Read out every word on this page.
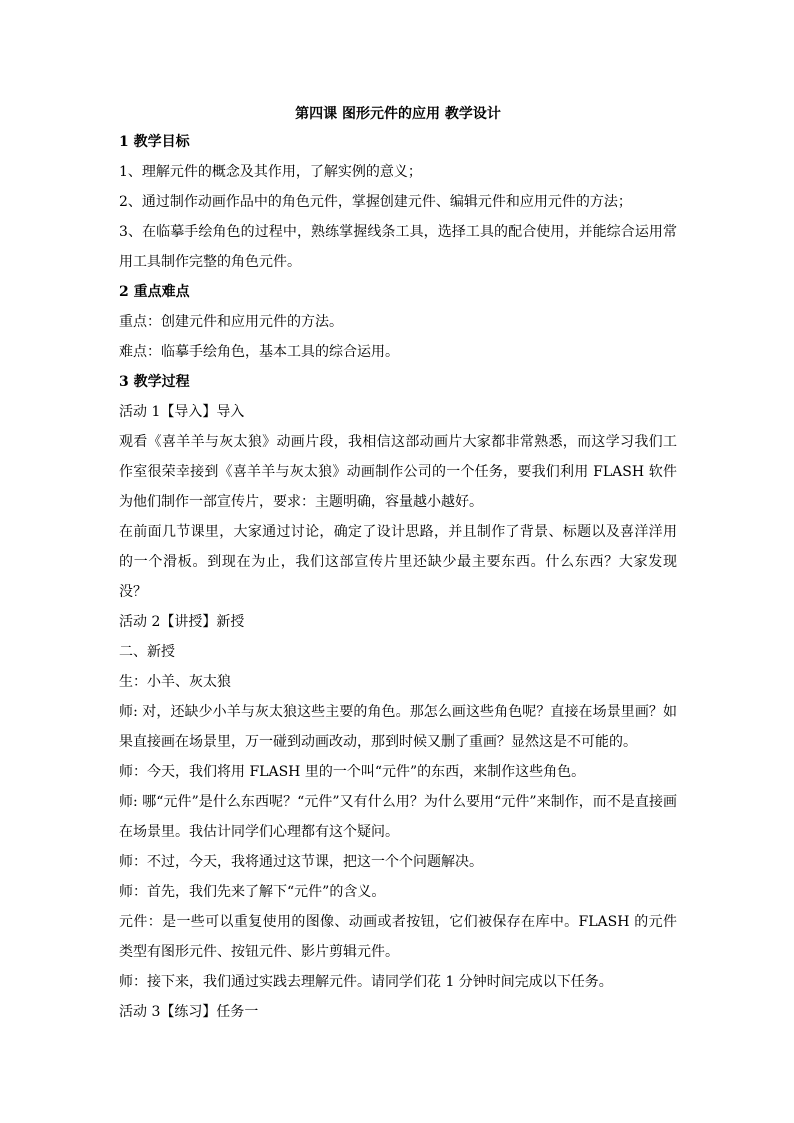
第四课 图形元件的应用 教学设计
1 教学目标

1、理解元件的概念及其作用，了解实例的意义；

2、通过制作动画作品中的角色元件，掌握创建元件、编辑元件和应用元件的方法；

3、在临摹手绘角色的过程中，熟练掌握线条工具，选择工具的配合使用，并能综合运用常用工具制作完整的角色元件。

2 重点难点

重点：创建元件和应用元件的方法。

难点：临摹手绘角色，基本工具的综合运用。

3 教学过程

活动 1【导入】导入

观看《喜羊羊与灰太狼》动画片段，我相信这部动画片大家都非常熟悉，而这学习我们工作室很荣幸接到《喜羊羊与灰太狼》动画制作公司的一个任务，要我们利用 FLASH 软件为他们制作一部宣传片，要求：主题明确，容量越小越好。

在前面几节课里，大家通过讨论，确定了设计思路，并且制作了背景、标题以及喜洋洋用的一个滑板。到现在为止，我们这部宣传片里还缺少最主要东西。什么东西？大家发现没？

活动 2【讲授】新授

二、新授

生：小羊、灰太狼

师: 对，还缺少小羊与灰太狼这些主要的角色。那怎么画这些角色呢？直接在场景里画？如果直接画在场景里，万一碰到动画改动，那到时候又删了重画？显然这是不可能的。

师：今天，我们将用 FLASH 里的一个叫“元件”的东西，来制作这些角色。

师: 哪“元件”是什么东西呢？“元件”又有什么用？为什么要用“元件”来制作，而不是直接画在场景里。我估计同学们心理都有这个疑问。

师：不过，今天，我将通过这节课，把这一个个问题解决。

师：首先，我们先来了解下“元件”的含义。

元件：是一些可以重复使用的图像、动画或者按钮，它们被保存在库中。FLASH 的元件类型有图形元件、按钮元件、影片剪辑元件。

师：接下来，我们通过实践去理解元件。请同学们花 1 分钟时间完成以下任务。

活动 3【练习】任务一
